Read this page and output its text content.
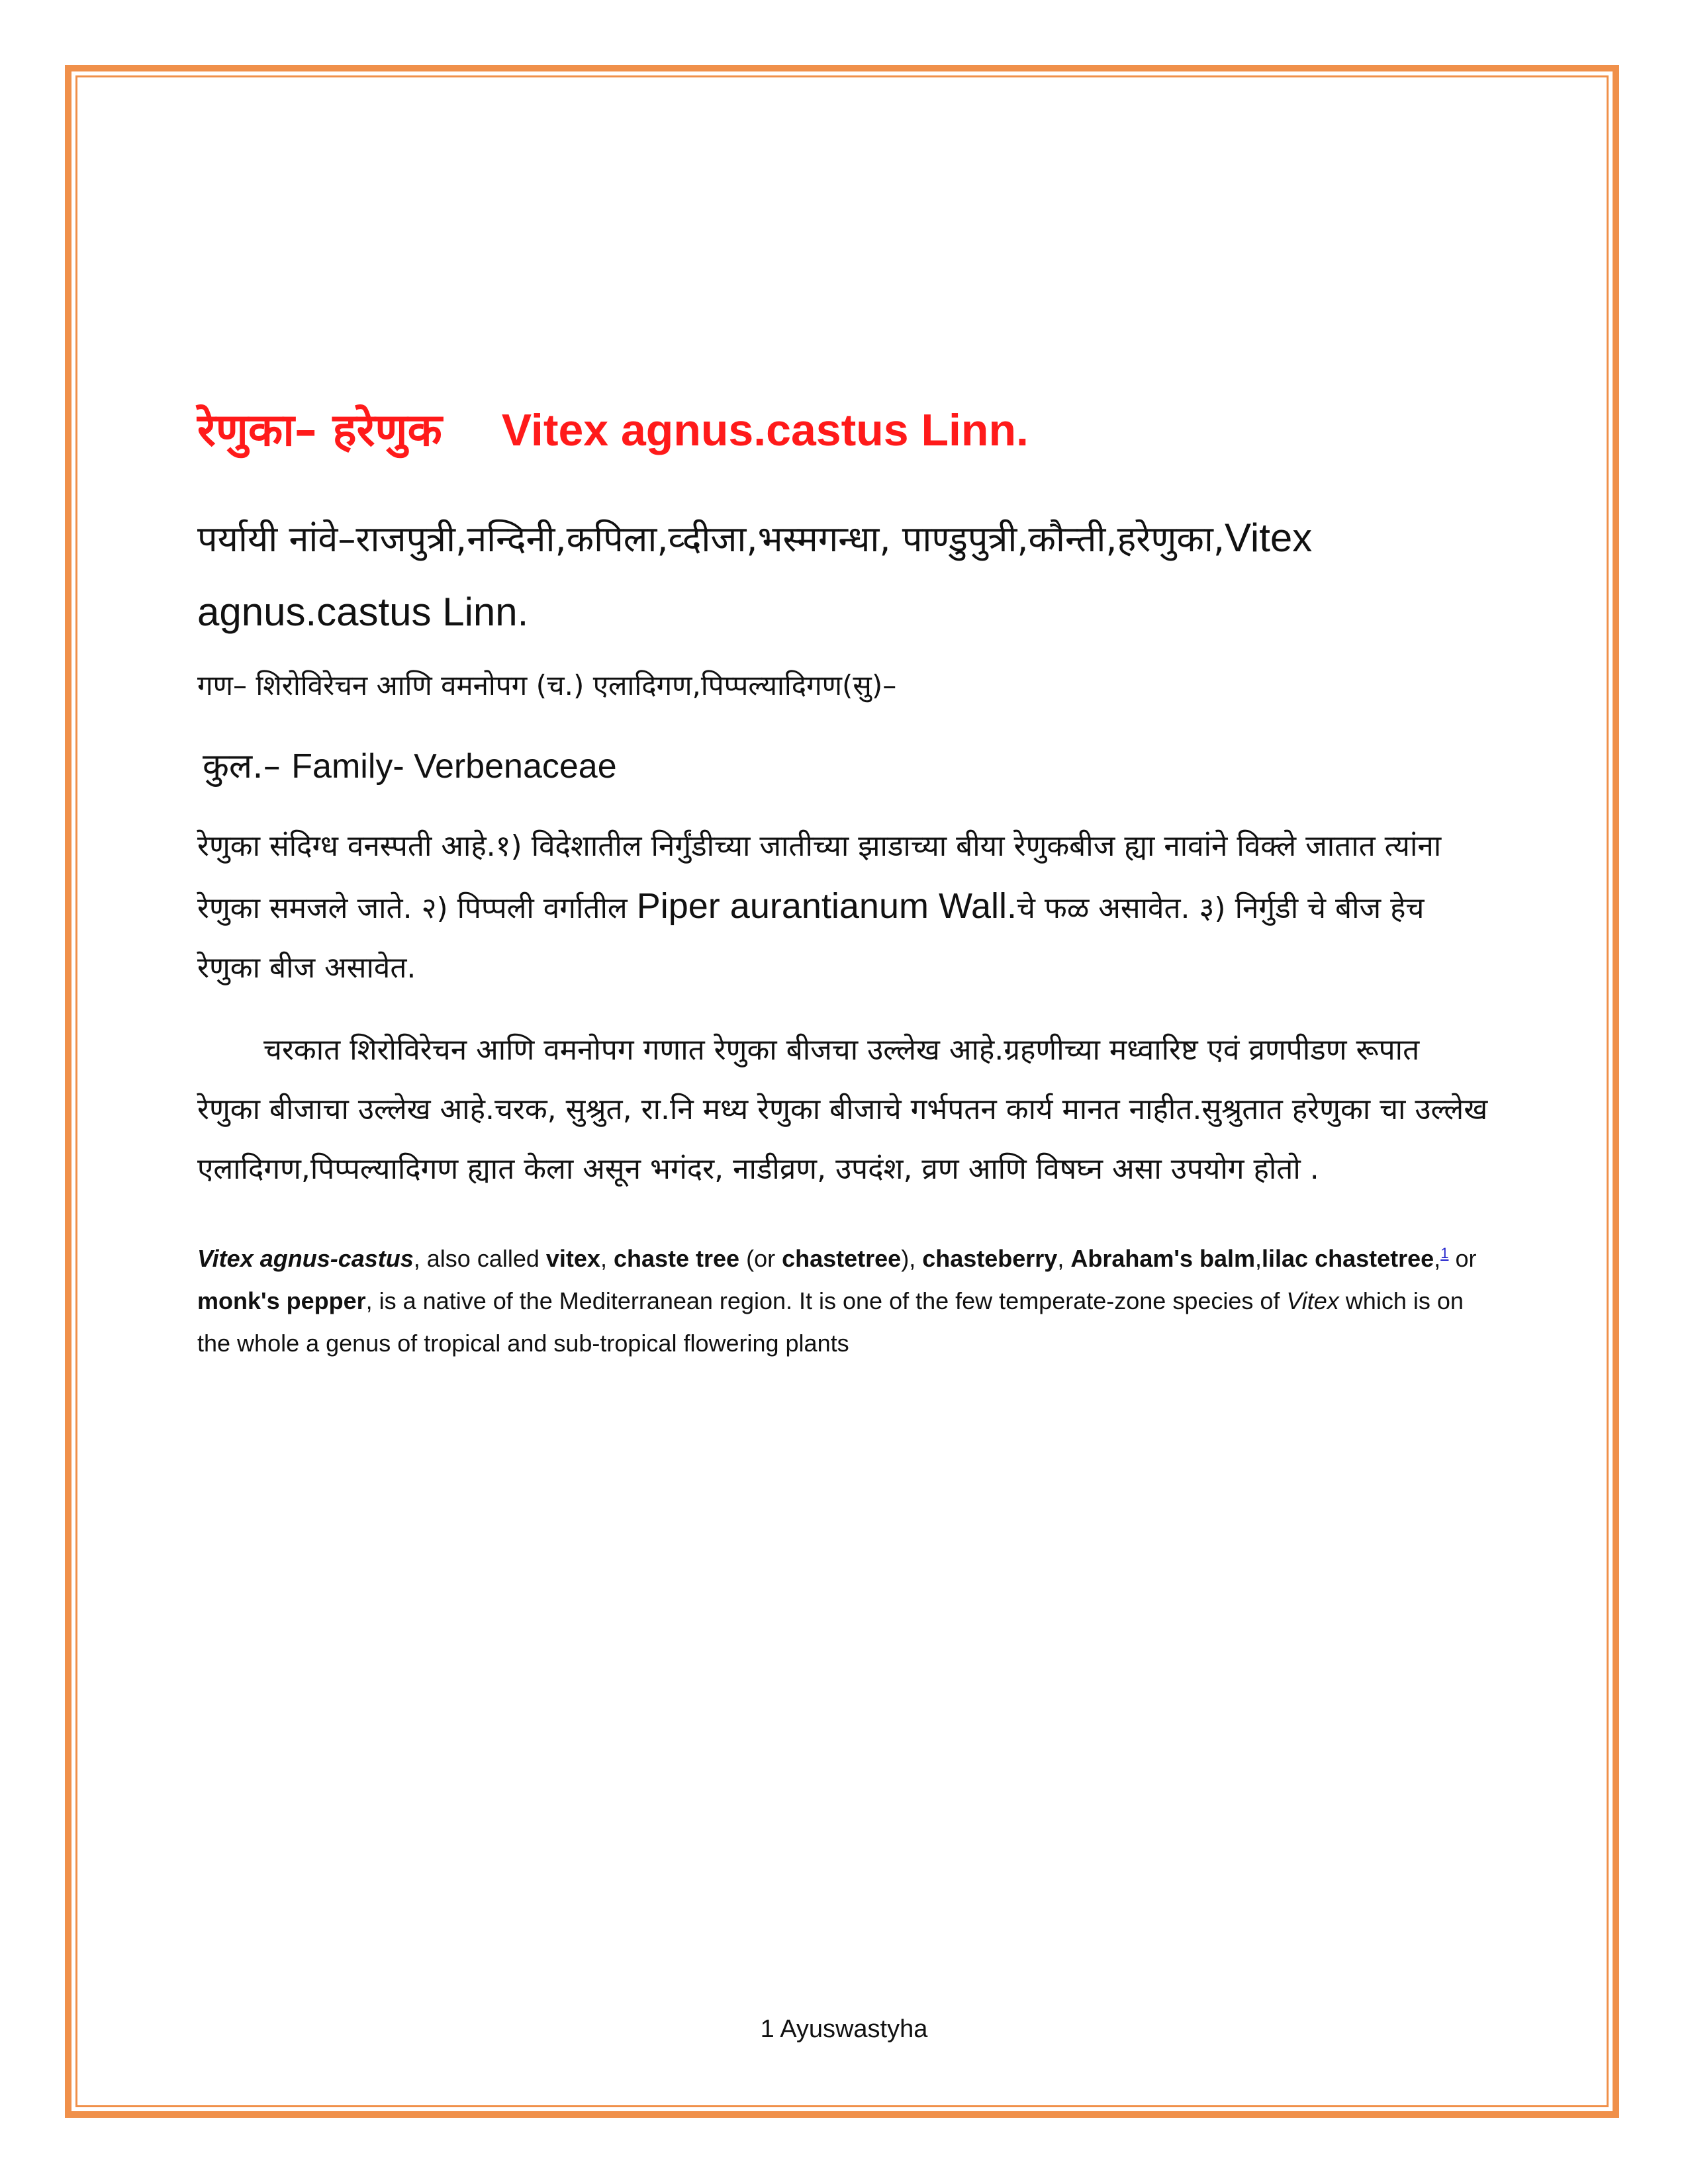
रेणुका– हरेणुक Vitex agnus.castus Linn.

पर्यायी नांवे–राजपुत्री,नन्दिनी,कपिला,व्दीजा,भस्मगन्धा, पाण्डुपुत्री,कौन्ती,हरेणुका,Vitex agnus.castus Linn.

गण– शिरोविरेचन आणि वमनोपग (च.) एलादिगण,पिप्पल्यादिगण(सु)–

कुल.– Family- Verbenaceae

रेणुका संदिग्ध वनस्पती आहे.१) विदेशातील निर्गुंडीच्या जातीच्या झाडाच्या बीया रेणुकबीज ह्या नावांने विक्ले जातात त्यांना रेणुका समजले जाते. २) पिप्पली वर्गातील Piper aurantianum Wall.चे फळ असावेत. ३) निर्गुडी चे बीज हेच रेणुका बीज असावेत.

चरकात शिरोविरेचन आणि वमनोपग गणात रेणुका बीजचा उल्लेख आहे.ग्रहणीच्या मध्वारिष्ट एवं व्रणपीडण रूपात रेणुका बीजाचा उल्लेख आहे.चरक, सुश्रुत, रा.नि मध्य रेणुका बीजाचे गर्भपतन कार्य मानत नाहीत.सुश्रुतात हरेणुका चा उल्लेख एलादिगण,पिप्पल्यादिगण ह्यात केला असून भगंदर, नाडीव्रण, उपदंश, व्रण आणि विषघ्न असा उपयोग होतो .

Vitex agnus-castus, also called vitex, chaste tree (or chastetree), chasteberry, Abraham's balm,lilac chastetree,$^1$ or monk's pepper, is a native of the Mediterranean region. It is one of the few temperate-zone species of Vitex which is on the whole a genus of tropical and sub-tropical flowering plants

1 Ayuswastyha
